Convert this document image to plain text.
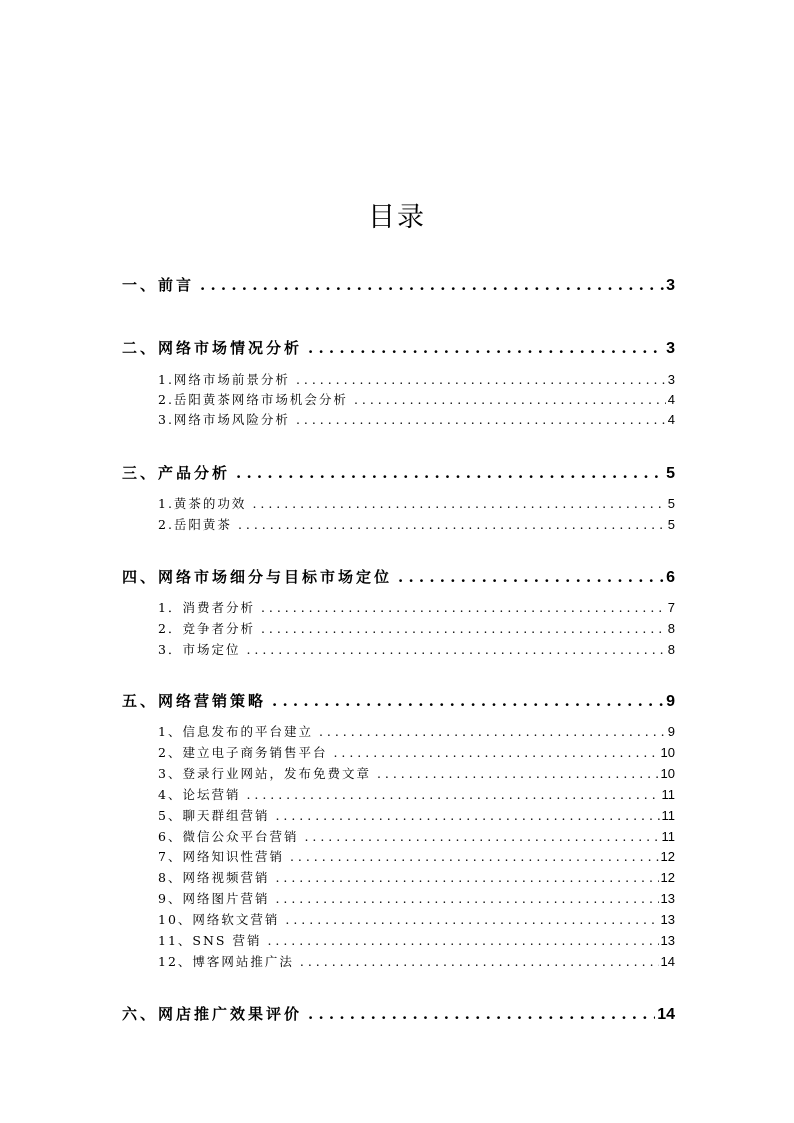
目录
一、前言 . . .	3
二、网络市场情况分析 . . .	3
1.网络市场前景分析 . . .	3
2.岳阳黄茶网络市场机会分析 . . .	4
3.网络市场风险分析 . . .	4
三、产品分析 . . .	5
1.黄茶的功效 . . .	5
2.岳阳黄茶 . . .	5
四、网络市场细分与目标市场定位 . . .	6
1．消费者分析 . . .	7
2．竞争者分析 . . .	8
3．市场定位 . . .	8
五、网络营销策略 . . .	9
1、信息发布的平台建立 . . .	9
2、建立电子商务销售平台 . . .	10
3、登录行业网站，发布免费文章 . . .	10
4、论坛营销 . . .	11
5、聊天群组营销 . . .	11
6、微信公众平台营销 . . .	11
7、网络知识性营销 . . .	12
8、网络视频营销 . . .	12
9、网络图片营销 . . .	13
10、网络软文营销 . . .	13
11、SNS 营销 . . .	13
12、博客网站推广法 . . .	14
六、网店推广效果评价 . . .	14
